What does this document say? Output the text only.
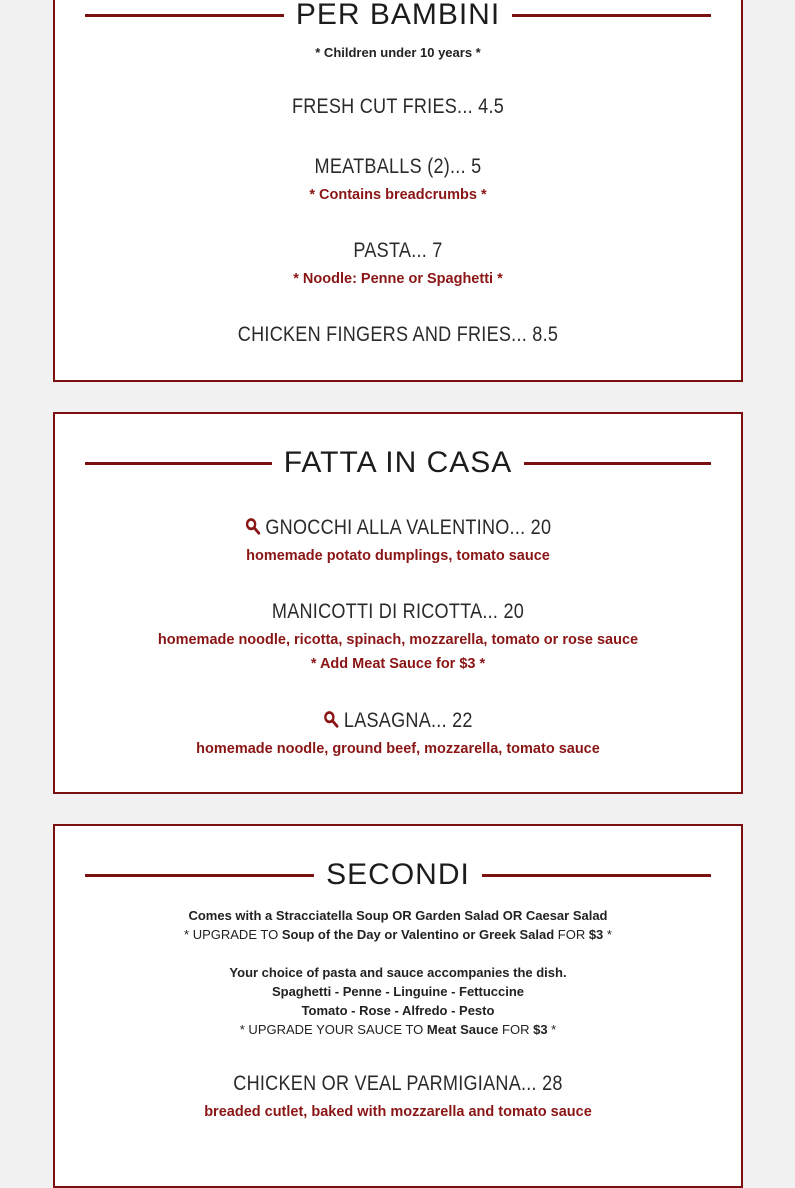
PER BAMBINI
* Children under 10 years *
FRESH CUT FRIES... 4.5
MEATBALLS (2)... 5
* Contains breadcrumbs *
PASTA... 7
* Noodle: Penne or Spaghetti *
CHICKEN FINGERS AND FRIES... 8.5
FATTA IN CASA
GNOCCHI ALLA VALENTINO... 20
homemade potato dumplings, tomato sauce
MANICOTTI DI RICOTTA... 20
homemade noodle, ricotta, spinach, mozzarella, tomato or rose sauce
* Add Meat Sauce for $3 *
LASAGNA... 22
homemade noodle, ground beef, mozzarella, tomato sauce
SECONDI
Comes with a Stracciatella Soup OR Garden Salad OR Caesar Salad
* UPGRADE TO Soup of the Day or Valentino or Greek Salad FOR $3 *
Your choice of pasta and sauce accompanies the dish.
Spaghetti - Penne - Linguine - Fettuccine
Tomato - Rose - Alfredo - Pesto
* UPGRADE YOUR SAUCE TO Meat Sauce FOR $3 *
CHICKEN OR VEAL PARMIGIANA... 28
breaded cutlet, baked with mozzarella and tomato sauce
